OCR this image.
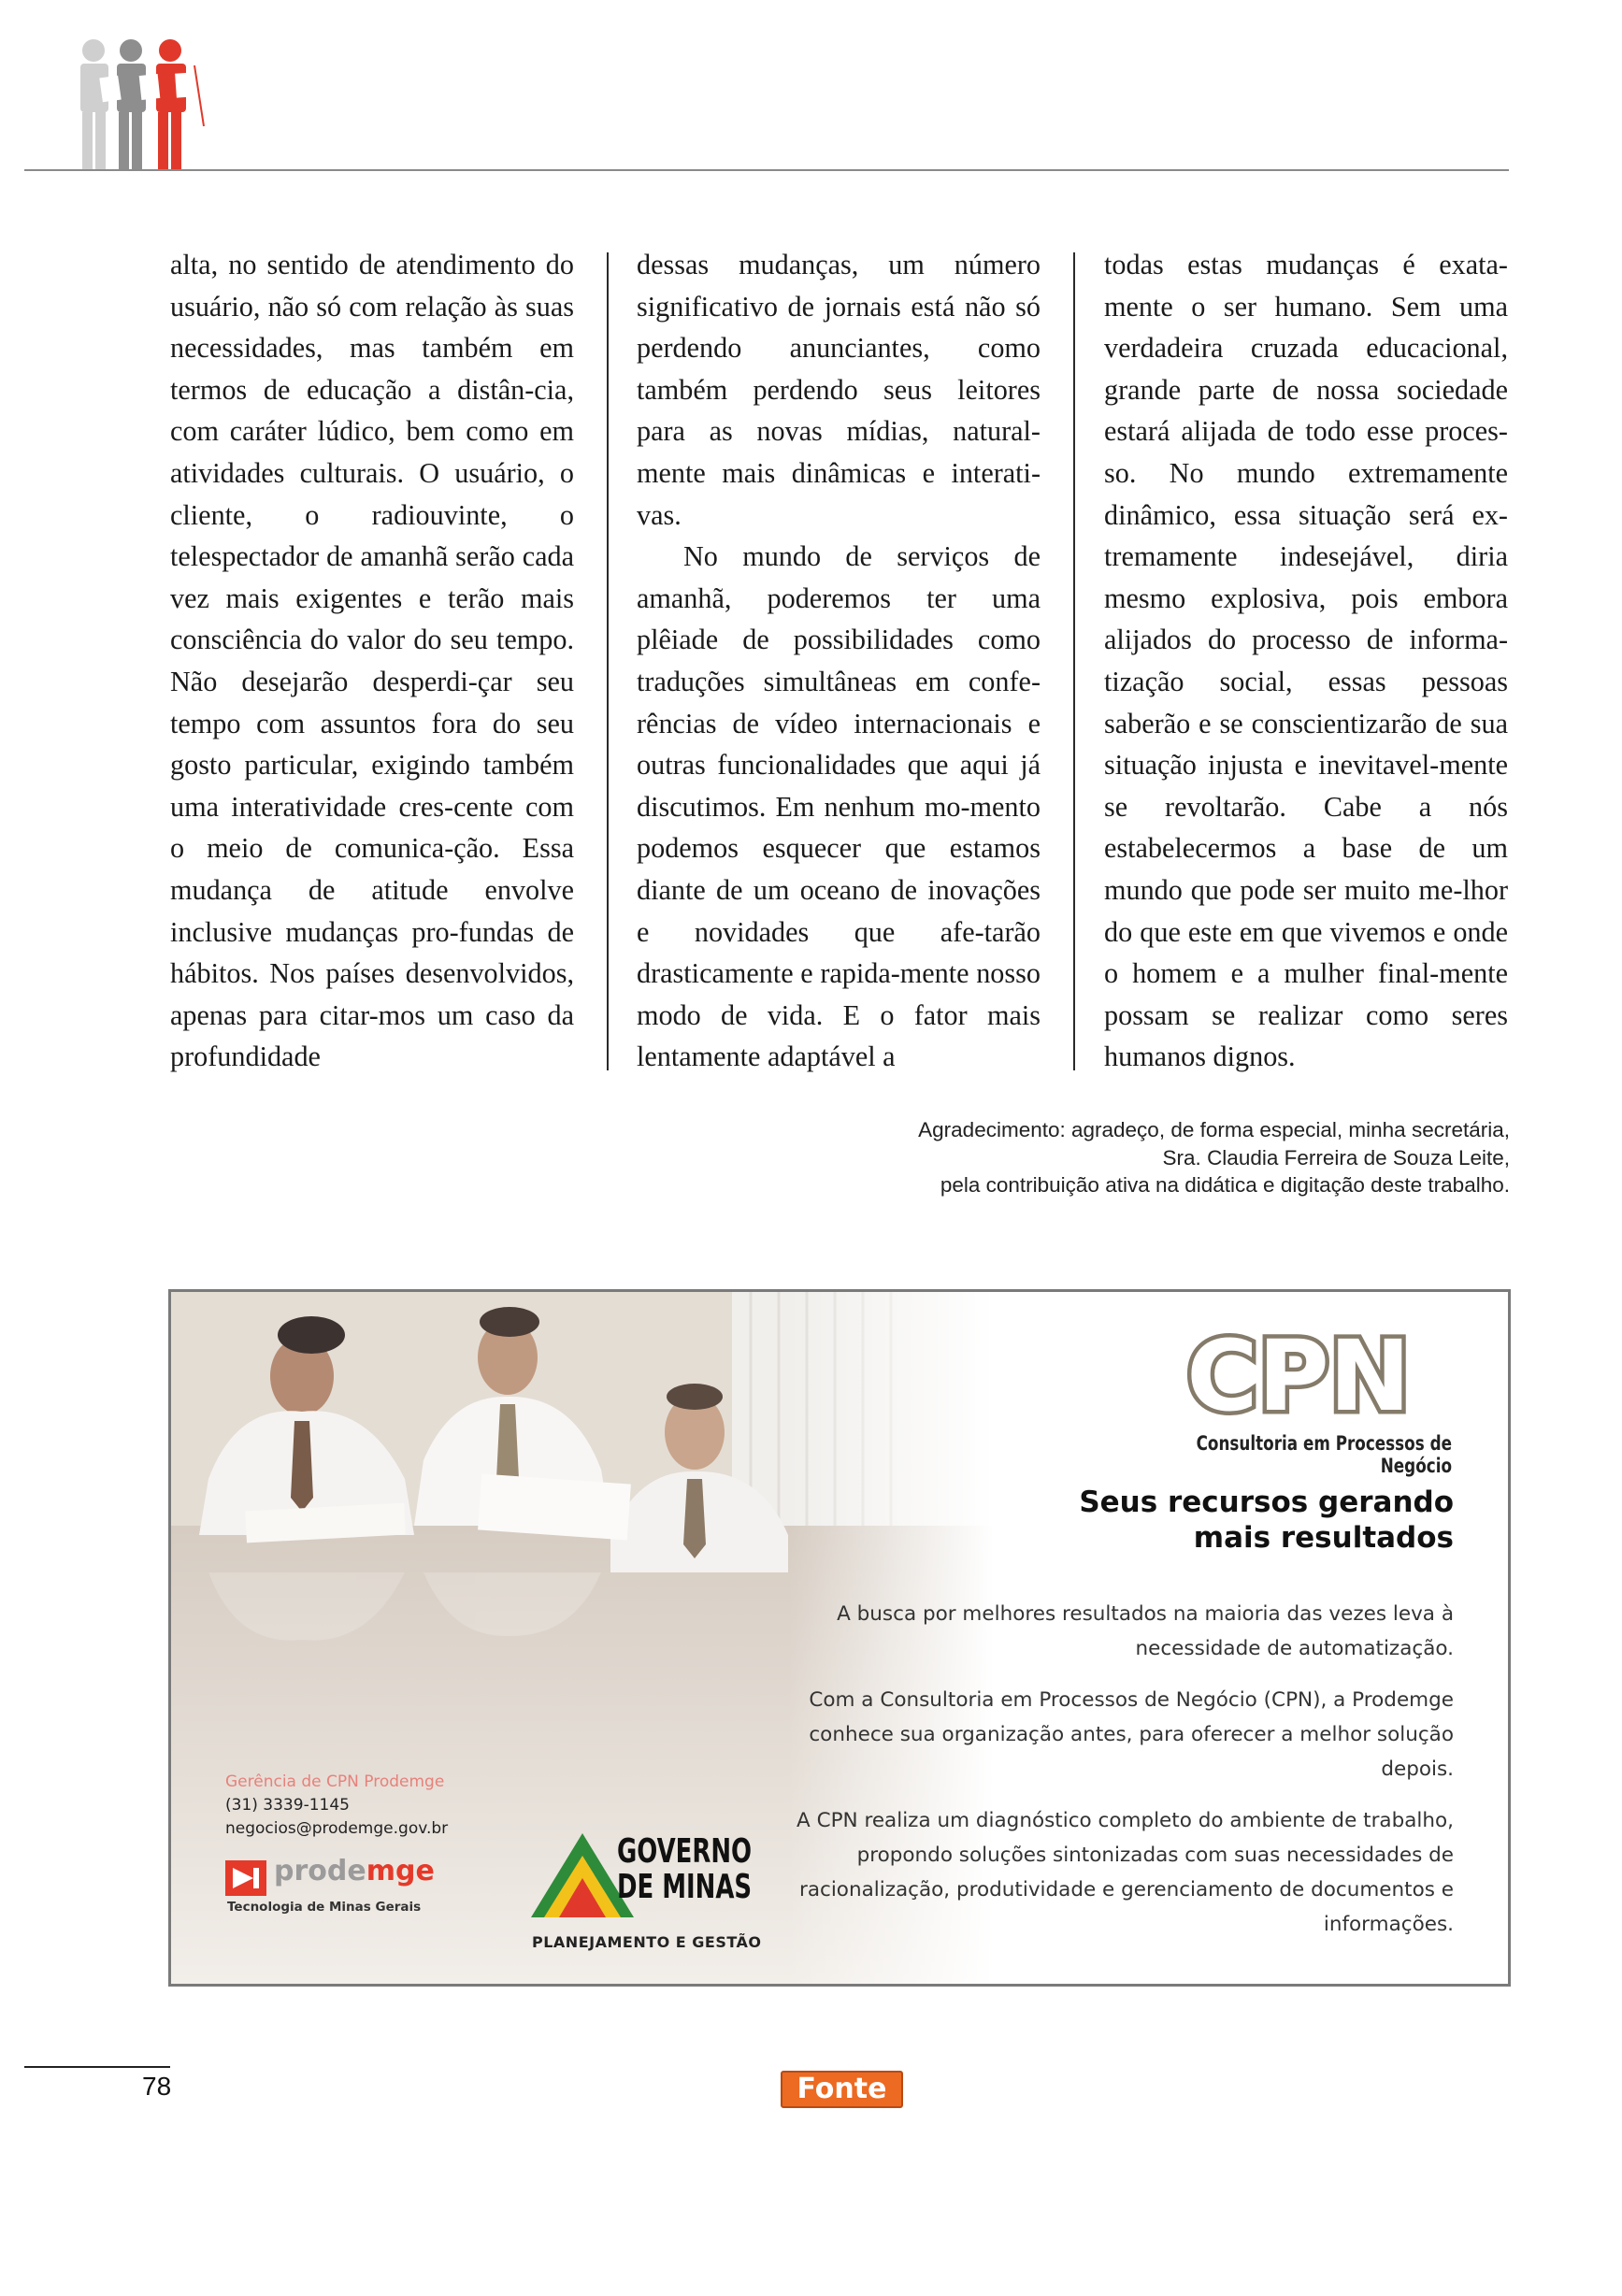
alta, no sentido de atendimento do usuário, não só com relação às suas necessidades, mas também em termos de educação a distân-cia, com caráter lúdico, bem como em atividades culturais. O usuário, o cliente, o radiouvinte, o telespectador de amanhã serão cada vez mais exigentes e terão mais consciência do valor do seu tempo. Não desejarão desperdi-çar seu tempo com assuntos fora do seu gosto particular, exigindo também uma interatividade cres-cente com o meio de comunica-ção. Essa mudança de atitude envolve inclusive mudanças pro-fundas de hábitos. Nos países desenvolvidos, apenas para citar-mos um caso da profundidade

dessas mudanças, um número significativo de jornais está não só perdendo anunciantes, como também perdendo seus leitores para as novas mídias, natural-mente mais dinâmicas e interati-vas.

No mundo de serviços de amanhã, poderemos ter uma plêiade de possibilidades como traduções simultâneas em confe-rências de vídeo internacionais e outras funcionalidades que aqui já discutimos. Em nenhum mo-mento podemos esquecer que estamos diante de um oceano de inovações e novidades que afe-tarão drasticamente e rapida-mente nosso modo de vida. E o fator mais lentamente adaptável a

todas estas mudanças é exata-mente o ser humano. Sem uma verdadeira cruzada educacional, grande parte de nossa sociedade estará alijada de todo esse proces-so. No mundo extremamente dinâmico, essa situação será ex-tremamente indesejável, diria mesmo explosiva, pois embora alijados do processo de informa-tização social, essas pessoas saberão e se conscientizarão de sua situação injusta e inevitavel-mente se revoltarão. Cabe a nós estabelecermos a base de um mundo que pode ser muito me-lhor do que este em que vivemos e onde o homem e a mulher final-mente possam se realizar como seres humanos dignos.

Agradecimento: agradeço, de forma especial, minha secretária,
Sra. Claudia Ferreira de Souza Leite,
pela contribuição ativa na didática e digitação deste trabalho.
CPN
Consultoria em Processos de Negócio
Seus recursos gerando
mais resultados

A busca por melhores resultados na maioria das vezes leva à necessidade de automatização.

Com a Consultoria em Processos de Negócio (CPN), a Prodemge conhece sua organização antes, para oferecer a melhor solução depois.

A CPN realiza um diagnóstico completo do ambiente de trabalho, propondo soluções sintonizadas com suas necessidades de racionalização, produtividade e gerenciamento de documentos e informações.

Gerência de CPN Prodemge
(31) 3339-1145
negocios@prodemge.gov.br
prodemge
Tecnologia de Minas Gerais
GOVERNO
DE MINAS
PLANEJAMENTO E GESTÃO
78	Fonte
